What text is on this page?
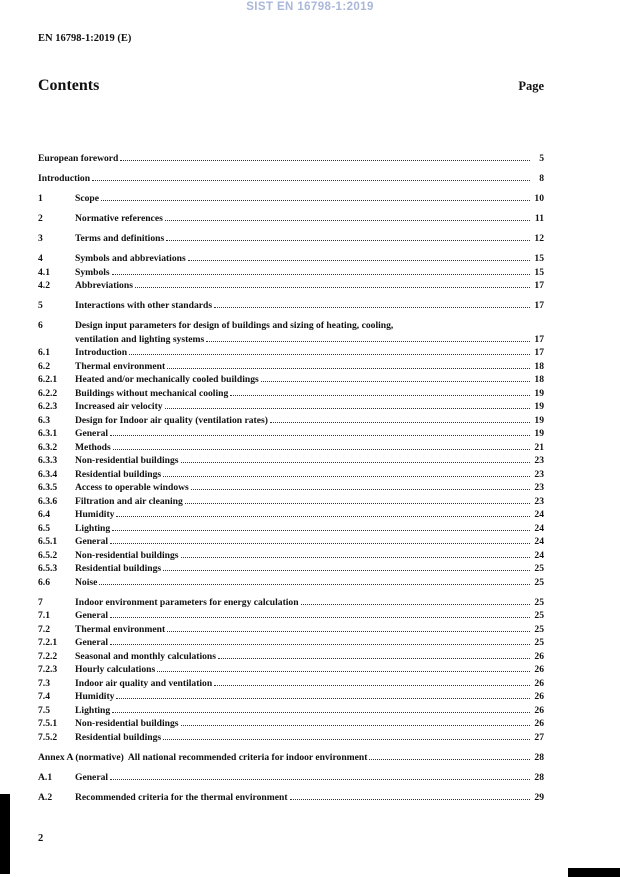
SIST EN 16798-1:2019
EN 16798-1:2019 (E)
Contents	Page
European foreword	5
Introduction	8
1	Scope	10
2	Normative references	11
3	Terms and definitions	12
4	Symbols and abbreviations	15
4.1	Symbols	15
4.2	Abbreviations	17
5	Interactions with other standards	17
6	Design input parameters for design of buildings and sizing of heating, cooling,
ventilation and lighting systems	17
6.1	Introduction	17
6.2	Thermal environment	18
6.2.1	Heated and/or mechanically cooled buildings	18
6.2.2	Buildings without mechanical cooling	19
6.2.3	Increased air velocity	19
6.3	Design for Indoor air quality (ventilation rates)	19
6.3.1	General	19
6.3.2	Methods	21
6.3.3	Non-residential buildings	23
6.3.4	Residential buildings	23
6.3.5	Access to operable windows	23
6.3.6	Filtration and air cleaning	23
6.4	Humidity	24
6.5	Lighting	24
6.5.1	General	24
6.5.2	Non-residential buildings	24
6.5.3	Residential buildings	25
6.6	Noise	25
7	Indoor environment parameters for energy calculation	25
7.1	General	25
7.2	Thermal environment	25
7.2.1	General	25
7.2.2	Seasonal and monthly calculations	26
7.2.3	Hourly calculations	26
7.3	Indoor air quality and ventilation	26
7.4	Humidity	26
7.5	Lighting	26
7.5.1	Non-residential buildings	26
7.5.2	Residential buildings	27
Annex A (normative) All national recommended criteria for indoor environment	28
A.1	General	28
A.2	Recommended criteria for the thermal environment	29
2
